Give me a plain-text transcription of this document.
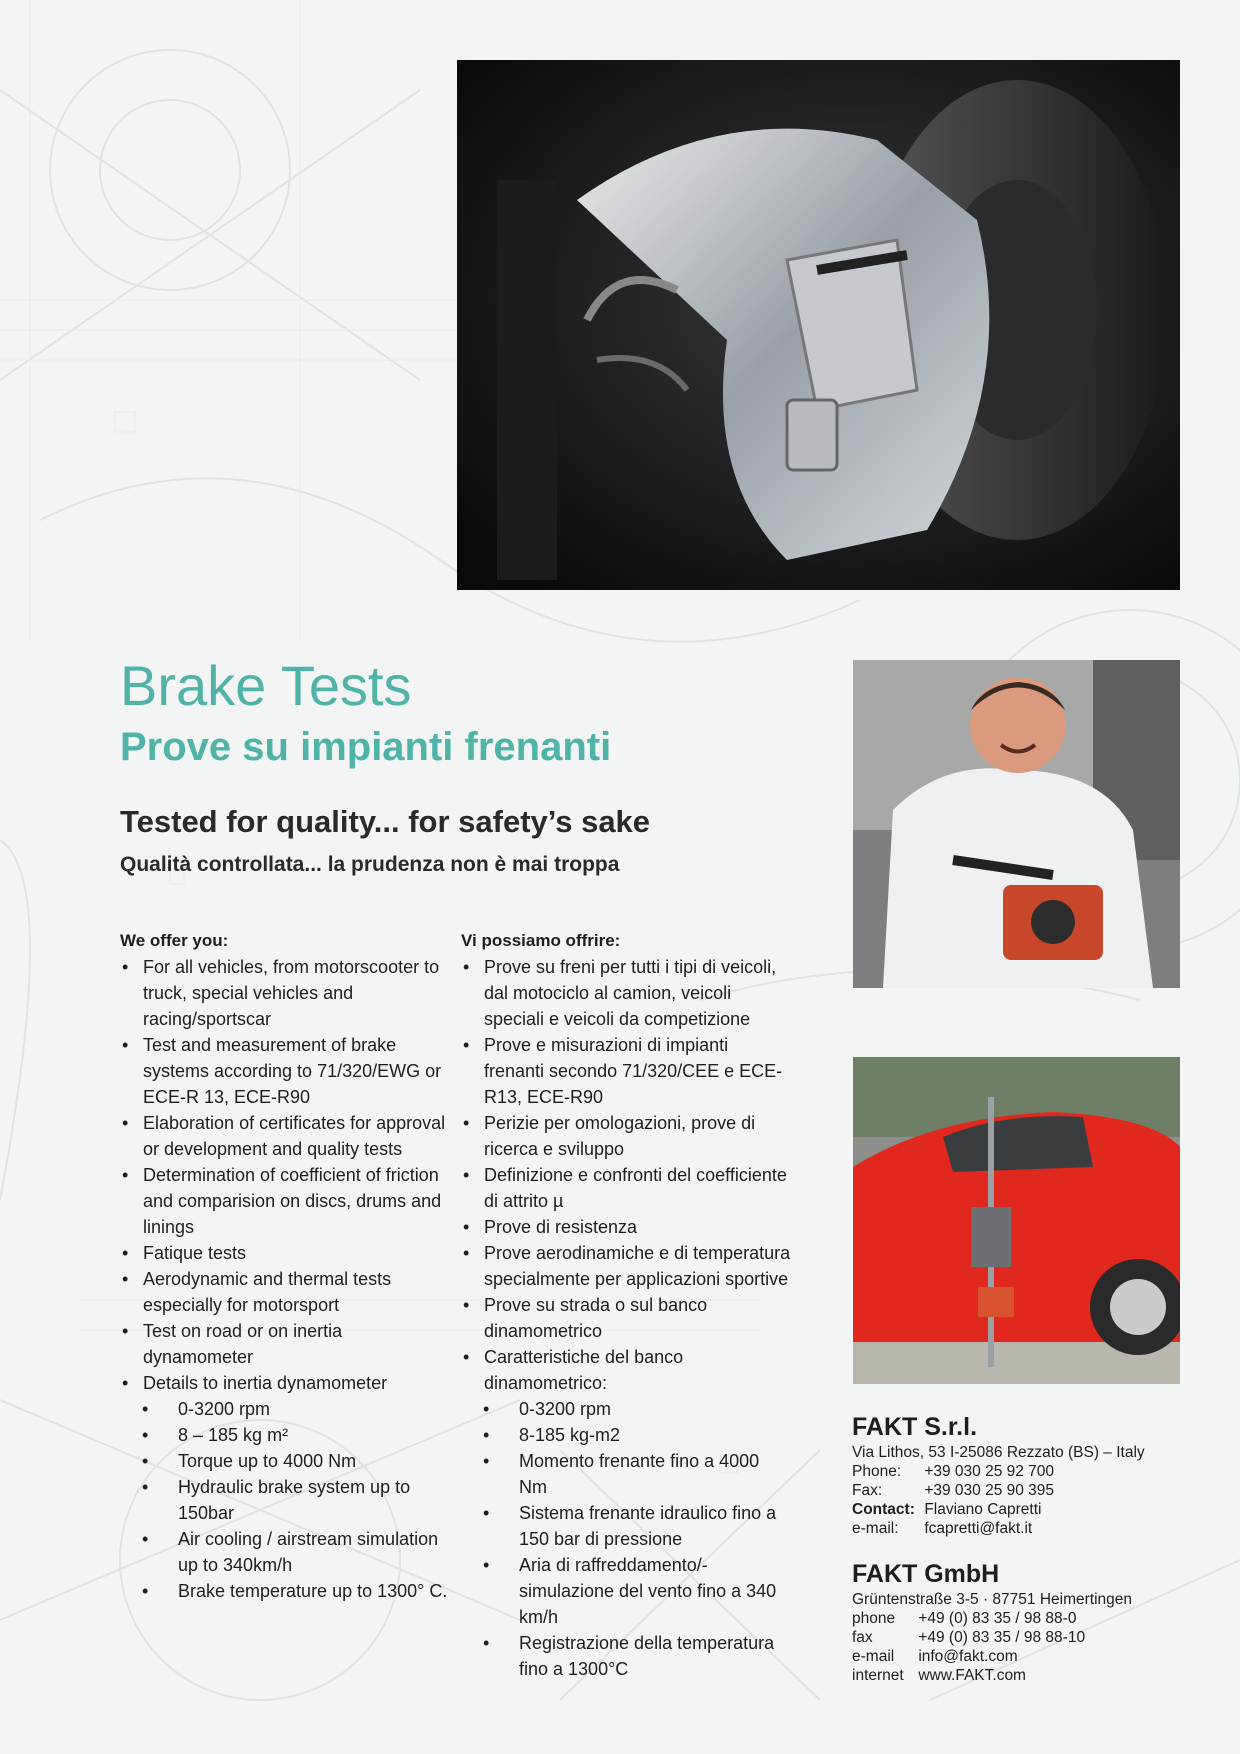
Brake Tests
Prove su impianti frenanti

Tested for quality... for safety’s sake

Qualità controllata... la prudenza non è mai troppa

We offer you:

• For all vehicles, from motorscooter to truck, special vehicles and racing/sportscar
• Test and measurement of brake systems according to 71/320/EWG or ECE-R 13, ECE-R90
• Elaboration of certificates for approval or development and quality tests
• Determination of coefficient of friction and comparision on discs, drums and linings
• Fatique tests
• Aerodynamic and thermal tests especially for motorsport
• Test on road or on inertia dynamometer
• Details to inertia dynamometer
• 0-3200 rpm
• 8 – 185 kg m²
• Torque up to 4000 Nm
• Hydraulic brake system up to 150bar
• Air cooling / airstream simulation up to 340km/h
• Brake temperature up to 1300° C.

Vi possiamo offrire:

• Prove su freni per tutti i tipi di veicoli, dal motociclo al camion, veicoli speciali e veicoli da competizione
• Prove e misurazioni di impianti frenanti secondo 71/320/CEE e ECE-R13, ECE-R90
• Perizie per omologazioni, prove di ricerca e sviluppo
• Definizione e confronti del coefficiente di attrito µ
• Prove di resistenza
• Prove aerodinamiche e di temperatura specialmente per applicazioni sportive
• Prove su strada o sul banco dinamometrico
• Caratteristiche del banco dinamometrico:
• 0-3200 rpm
• 8-185 kg-m2
• Momento frenante fino a 4000 Nm
• Sistema frenante idraulico fino a 150 bar di pressione
• Aria di raffreddamento/-simulazione del vento fino a 340 km/h
• Registrazione della temperatura fino a 1300°C
FAKT S.r.l.
Via Lithos, 53 I-25086 Rezzato (BS) – Italy
Phone: +39 030 25 92 700
Fax:	+39 030 25 90 395
Contact: Flaviano Capretti
e-mail: fcapretti@fakt.it
FAKT GmbH
Grüntenstraße 3-5 · 87751 Heimertingen
phone +49 (0) 83 35 / 98 88-0
fax	+49 (0) 83 35 / 98 88-10
e-mail info@fakt.com
internet www.FAKT.com
